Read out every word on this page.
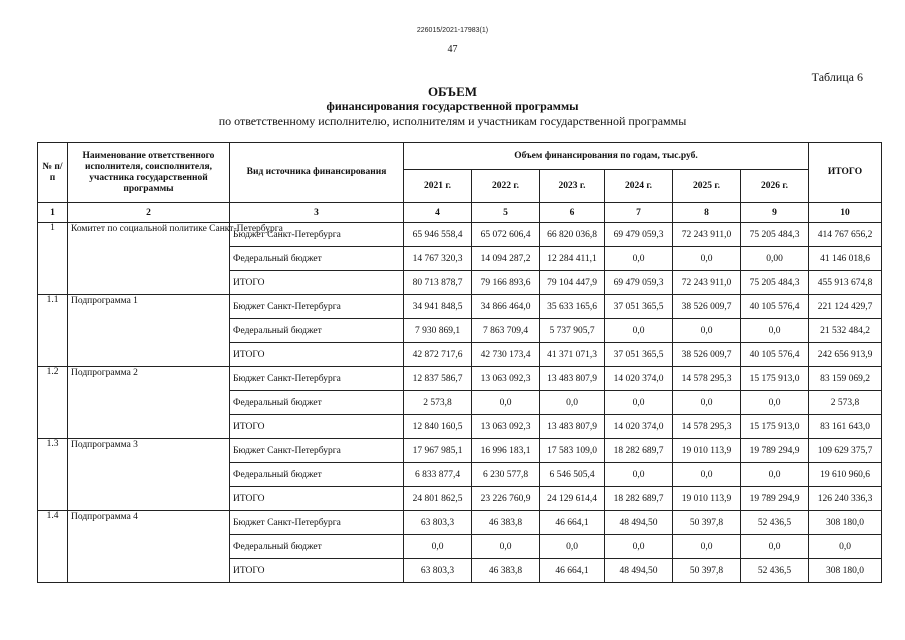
226015/2021-17983(1)
47
Таблица 6
ОБЪЕМ
финансирования государственной программы
по ответственному исполнителю, исполнителям и участникам государственной программы
№ п/п	Наименование ответственного исполнителя, соисполнителя, участника государственной программы	Вид источника финансирования	Объем финансирования по годам, тыс.руб.						ИТОГО
			2021 г.	2022 г.	2023 г.	2024 г.	2025 г.	2026 г.	
1	2	3	4	5	6	7	8	9	10
1	Комитет по социальной политике Санкт-Петербурга	Бюджет Санкт-Петербурга	65 946 558,4	65 072 606,4	66 820 036,8	69 479 059,3	72 243 911,0	75 205 484,3	414 767 656,2
		Федеральный бюджет	14 767 320,3	14 094 287,2	12 284 411,1	0,0	0,0	0,00	41 146 018,6
		ИТОГО	80 713 878,7	79 166 893,6	79 104 447,9	69 479 059,3	72 243 911,0	75 205 484,3	455 913 674,8
1.1	Подпрограмма 1	Бюджет Санкт-Петербурга	34 941 848,5	34 866 464,0	35 633 165,6	37 051 365,5	38 526 009,7	40 105 576,4	221 124 429,7
		Федеральный бюджет	7 930 869,1	7 863 709,4	5 737 905,7	0,0	0,0	0,0	21 532 484,2
		ИТОГО	42 872 717,6	42 730 173,4	41 371 071,3	37 051 365,5	38 526 009,7	40 105 576,4	242 656 913,9
1.2	Подпрограмма 2	Бюджет Санкт-Петербурга	12 837 586,7	13 063 092,3	13 483 807,9	14 020 374,0	14 578 295,3	15 175 913,0	83 159 069,2
		Федеральный бюджет	2 573,8	0,0	0,0	0,0	0,0	0,0	2 573,8
		ИТОГО	12 840 160,5	13 063 092,3	13 483 807,9	14 020 374,0	14 578 295,3	15 175 913,0	83 161 643,0
1.3	Подпрограмма 3	Бюджет Санкт-Петербурга	17 967 985,1	16 996 183,1	17 583 109,0	18 282 689,7	19 010 113,9	19 789 294,9	109 629 375,7
		Федеральный бюджет	6 833 877,4	6 230 577,8	6 546 505,4	0,0	0,0	0,0	19 610 960,6
		ИТОГО	24 801 862,5	23 226 760,9	24 129 614,4	18 282 689,7	19 010 113,9	19 789 294,9	126 240 336,3
1.4	Подпрограмма 4	Бюджет Санкт-Петербурга	63 803,3	46 383,8	46 664,1	48 494,50	50 397,8	52 436,5	308 180,0
		Федеральный бюджет	0,0	0,0	0,0	0,0	0,0	0,0	0,0
		ИТОГО	63 803,3	46 383,8	46 664,1	48 494,50	50 397,8	52 436,5	308 180,0
